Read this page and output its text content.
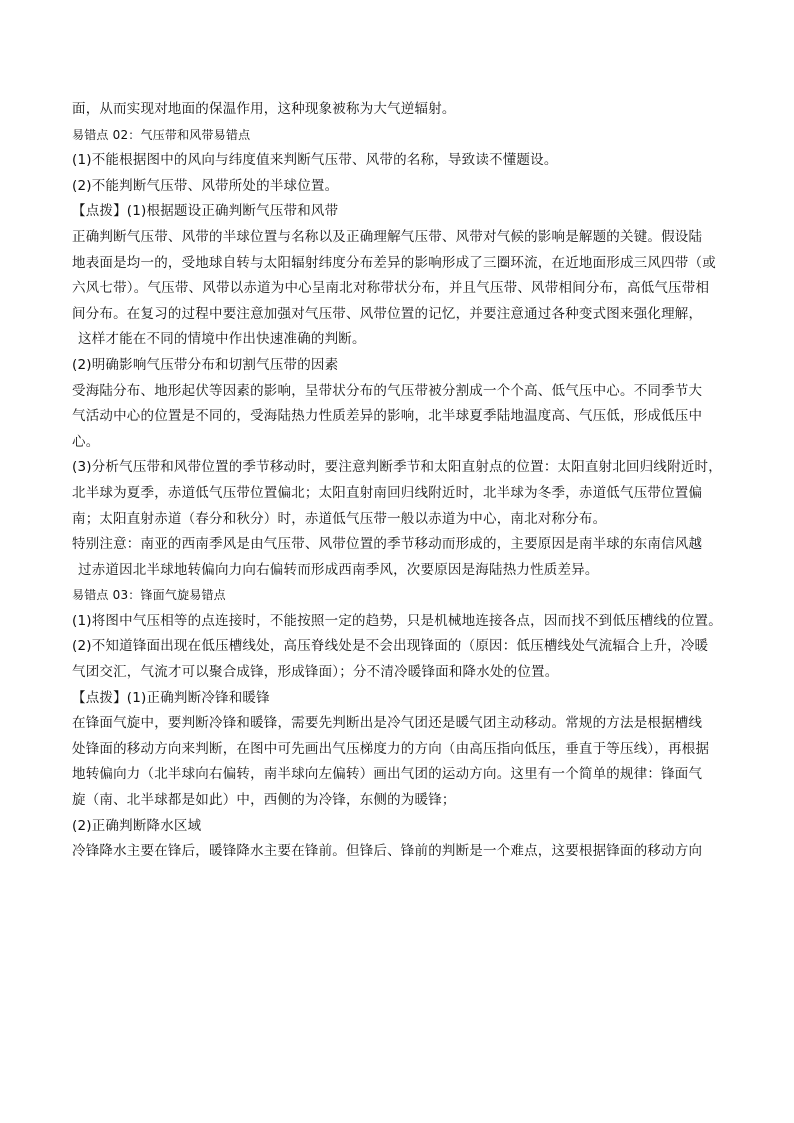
面，从而实现对地面的保温作用，这种现象被称为大气逆辐射。
易错点 02：气压带和风带易错点
(1)不能根据图中的风向与纬度值来判断气压带、风带的名称，导致读不懂题设。
(2)不能判断气压带、风带所处的半球位置。
【点拨】(1)根据题设正确判断气压带和风带
正确判断气压带、风带的半球位置与名称以及正确理解气压带、风带对气候的影响是解题的关键。假设陆
地表面是均一的，受地球自转与太阳辐射纬度分布差异的影响形成了三圈环流，在近地面形成三风四带（或
六风七带）。气压带、风带以赤道为中心呈南北对称带状分布，并且气压带、风带相间分布，高低气压带相
间分布。在复习的过程中要注意加强对气压带、风带位置的记忆，并要注意通过各种变式图来强化理解，
这样才能在不同的情境中作出快速准确的判断。
(2)明确影响气压带分布和切割气压带的因素
受海陆分布、地形起伏等因素的影响，呈带状分布的气压带被分割成一个个高、低气压中心。不同季节大
气活动中心的位置是不同的，受海陆热力性质差异的影响，北半球夏季陆地温度高、气压低，形成低压中
心。
(3)分析气压带和风带位置的季节移动时，要注意判断季节和太阳直射点的位置：太阳直射北回归线附近时，
北半球为夏季，赤道低气压带位置偏北；太阳直射南回归线附近时，北半球为冬季，赤道低气压带位置偏
南；太阳直射赤道（春分和秋分）时，赤道低气压带一般以赤道为中心，南北对称分布。
特别注意：南亚的西南季风是由气压带、风带位置的季节移动而形成的，主要原因是南半球的东南信风越
过赤道因北半球地转偏向力向右偏转而形成西南季风，次要原因是海陆热力性质差异。
易错点 03：锋面气旋易错点
(1)将图中气压相等的点连接时，不能按照一定的趋势，只是机械地连接各点，因而找不到低压槽线的位置。
(2)不知道锋面出现在低压槽线处，高压脊线处是不会出现锋面的（原因：低压槽线处气流辐合上升，冷暖
气团交汇，气流才可以聚合成锋，形成锋面）；分不清冷暖锋面和降水处的位置。
【点拨】(1)正确判断冷锋和暖锋
在锋面气旋中，要判断冷锋和暖锋，需要先判断出是冷气团还是暖气团主动移动。常规的方法是根据槽线
处锋面的移动方向来判断，在图中可先画出气压梯度力的方向（由高压指向低压，垂直于等压线），再根据
地转偏向力（北半球向右偏转，南半球向左偏转）画出气团的运动方向。这里有一个简单的规律：锋面气
旋（南、北半球都是如此）中，西侧的为冷锋，东侧的为暖锋；
(2)正确判断降水区域
冷锋降水主要在锋后，暖锋降水主要在锋前。但锋后、锋前的判断是一个难点，这要根据锋面的移动方向
